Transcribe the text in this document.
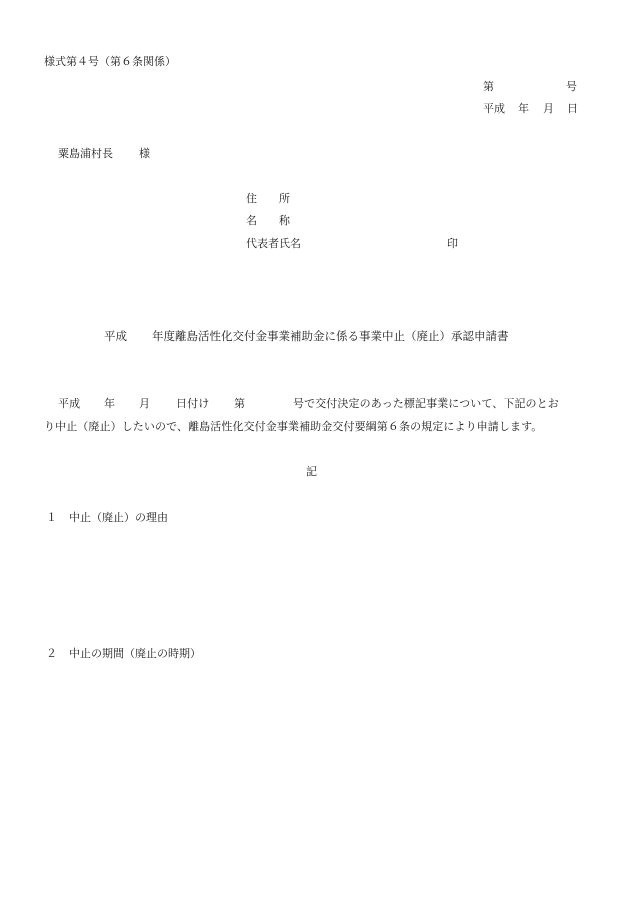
様式第４号（第６条関係）
第	号
平成 年 月 日
粟島浦村長 様
住　　所
名　　称
代表者氏名	印
平成 年度離島活性化交付金事業補助金に係る事業中止（廃止）承認申請書
平成 年 月 日付け 第	号で交付決定のあった標記事業について、下記のとお
り中止（廃止）したいので、離島活性化交付金事業補助金交付要綱第６条の規定により申請します。
記
１ 中止（廃止）の理由
２ 中止の期間（廃止の時期）
